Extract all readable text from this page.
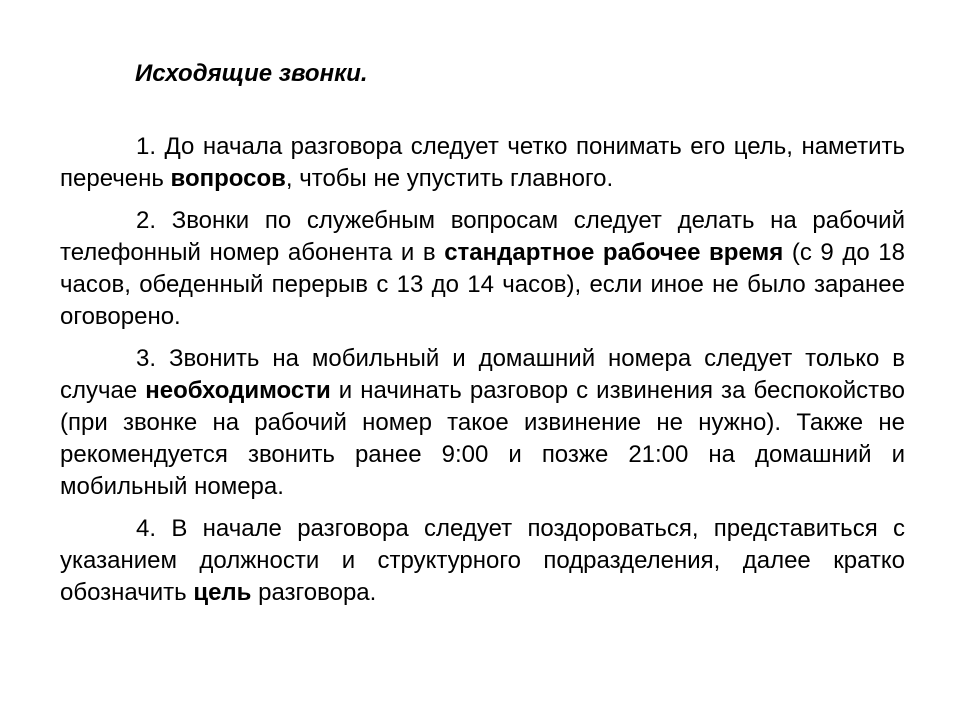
Исходящие звонки.

1. До начала разговора следует четко понимать его цель, наметить перечень вопросов, чтобы не упустить главного.

2. Звонки по служебным вопросам следует делать на рабочий телефонный номер абонента и в стандартное рабочее время (с 9 до 18 часов, обеденный перерыв с 13 до 14 часов), если иное не было заранее оговорено.

3. Звонить на мобильный и домашний номера следует только в случае необходимости и начинать разговор с извинения за беспокойство (при звонке на рабочий номер такое извинение не нужно). Также не рекомендуется звонить ранее 9:00 и позже 21:00 на домашний и мобильный номера.

4. В начале разговора следует поздороваться, представиться с указанием должности и структурного подразделения, далее кратко обозначить цель разговора.
